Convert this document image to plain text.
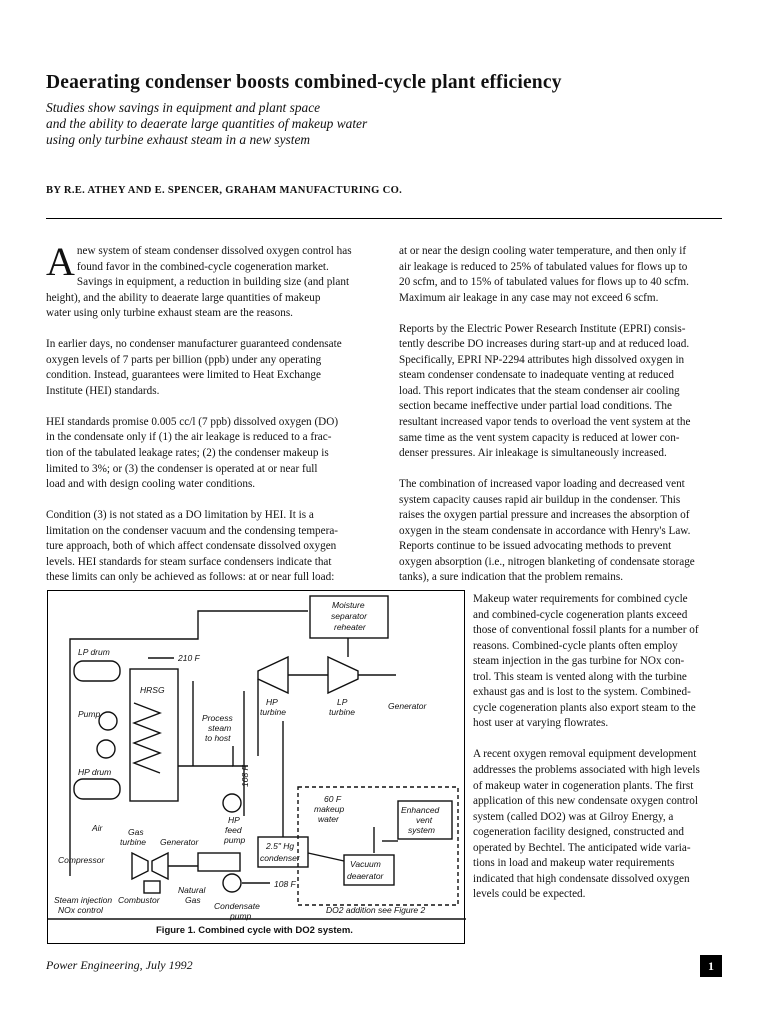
Deaerating condenser boosts combined-cycle plant efficiency
Studies show savings in equipment and plant space
and the ability to deaerate large quantities of makeup water
using only turbine exhaust steam in a new system
BY R.E. ATHEY AND E. SPENCER, GRAHAM MANUFACTURING CO.

A new system of steam condenser dissolved oxygen control has
found favor in the combined-cycle cogeneration market.
Savings in equipment, a reduction in building size (and plant
height), and the ability to deaerate large quantities of makeup
water using only turbine exhaust steam are the reasons.

In earlier days, no condenser manufacturer guaranteed condensate
oxygen levels of 7 parts per billion (ppb) under any operating
condition. Instead, guarantees were limited to Heat Exchange
Institute (HEI) standards.

HEI standards promise 0.005 cc/l (7 ppb) dissolved oxygen (DO)
in the condensate only if (1) the air leakage is reduced to a frac-
tion of the tabulated leakage rates; (2) the condenser makeup is
limited to 3%; or (3) the condenser is operated at or near full
load and with design cooling water conditions.

Condition (3) is not stated as a DO limitation by HEI. It is a
limitation on the condenser vacuum and the condensing tempera-
ture approach, both of which affect condensate dissolved oxygen
levels. HEI standards for steam surface condensers indicate that
these limits can only be achieved as follows: at or near full load:

at or near the design cooling water temperature, and then only if
air leakage is reduced to 25% of tabulated values for flows up to
20 scfm, and to 15% of tabulated values for flows up to 40 scfm.
Maximum air leakage in any case may not exceed 6 scfm.

Reports by the Electric Power Research Institute (EPRI) consis-
tently describe DO increases during start-up and at reduced load.
Specifically, EPRI NP-2294 attributes high dissolved oxygen in
steam condenser condensate to inadequate venting at reduced
load. This report indicates that the steam condenser air cooling
section became ineffective under partial load conditions. The
resultant increased vapor tends to overload the vent system at the
same time as the vent system capacity is reduced at lower con-
denser pressures. Air inleakage is simultaneously increased.

The combination of increased vapor loading and decreased vent
system capacity causes rapid air buildup in the condenser. This
raises the oxygen partial pressure and increases the absorption of
oxygen in the steam condensate in accordance with Henry's Law.
Reports continue to be issued advocating methods to prevent
oxygen absorption (i.e., nitrogen blanketing of condensate storage
tanks), a sure indication that the problem remains.

Makeup water requirements for combined cycle
and combined-cycle cogeneration plants exceed
those of conventional fossil plants for a number of
reasons. Combined-cycle plants often employ
steam injection in the gas turbine for NOx con-
trol. This steam is vented along with the turbine
exhaust gas and is lost to the system. Combined-
cycle cogeneration plants also export steam to the
host user at varying flowrates.

A recent oxygen removal equipment development
addresses the problems associated with high levels
of makeup water in cogeneration plants. The first
application of this new condensate oxygen control
system (called DO2) was at Gilroy Energy, a
cogeneration facility designed, constructed and
operated by Bechtel. The anticipated wide varia-
tions in load and makeup water requirements
indicated that high condensate dissolved oxygen
levels could be expected.

Figure 1. Combined cycle with DO2 system.
Moisture
separator
reheater
LP drum
210 F
HRSG
Pump
HP drum
HP
turbine
LP
turbine
Generator
Process
steam
to host
108 F
HP
feed
pump
60 F
makeup
water
Enhanced
vent
system
2.5" Hg
condenser
Vacuum
deaerator
Air	Gas
turbine Generator
Compressor
108 F
Combustor
Natural
Gas
Condensate
pump
Steam injection
NOx control	DO2 addition see Figure 2
Power Engineering, July 1992	1
